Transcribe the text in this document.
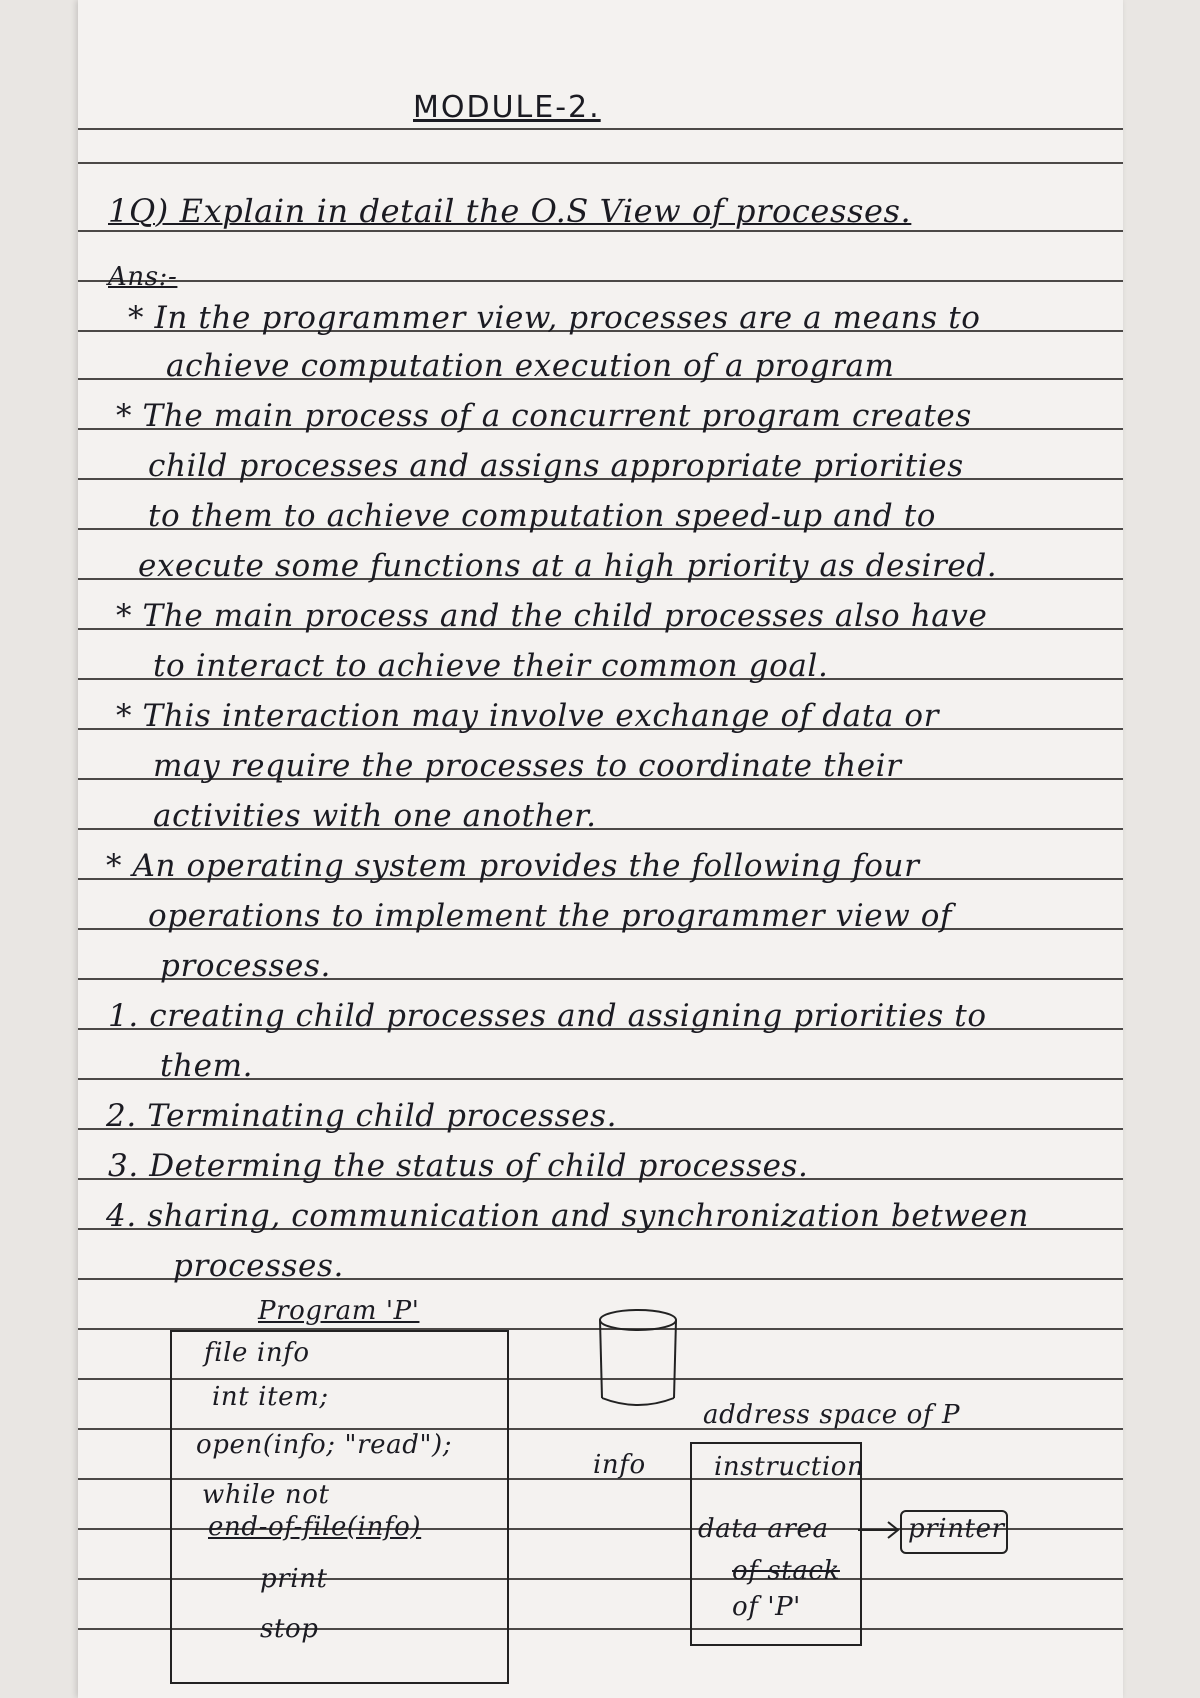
MODULE-2.
1Q) Explain in detail the O.S View of processes.
Ans:-
* In the programmer view, processes are a means to
achieve computation execution of a program
* The main process of a concurrent program creates
child processes and assigns appropriate priorities
to them to achieve computation speed-up and to
execute some functions at a high priority as desired.
* The main process and the child processes also have
to interact to achieve their common goal.
* This interaction may involve exchange of data or
may require the processes to coordinate their
activities with one another.
* An operating system provides the following four
operations to implement the programmer view of
processes.
1. creating child processes and assigning priorities to
them.
2. Terminating child processes.
3. Determing the status of child processes.
4. sharing, communication and synchronization between
processes.
Program 'P'
file info
int item;
open(info; "read");
while not
end-of-file(info)
print
stop
info
address space of P
instruction
data area
of stack
of 'P'
printer
